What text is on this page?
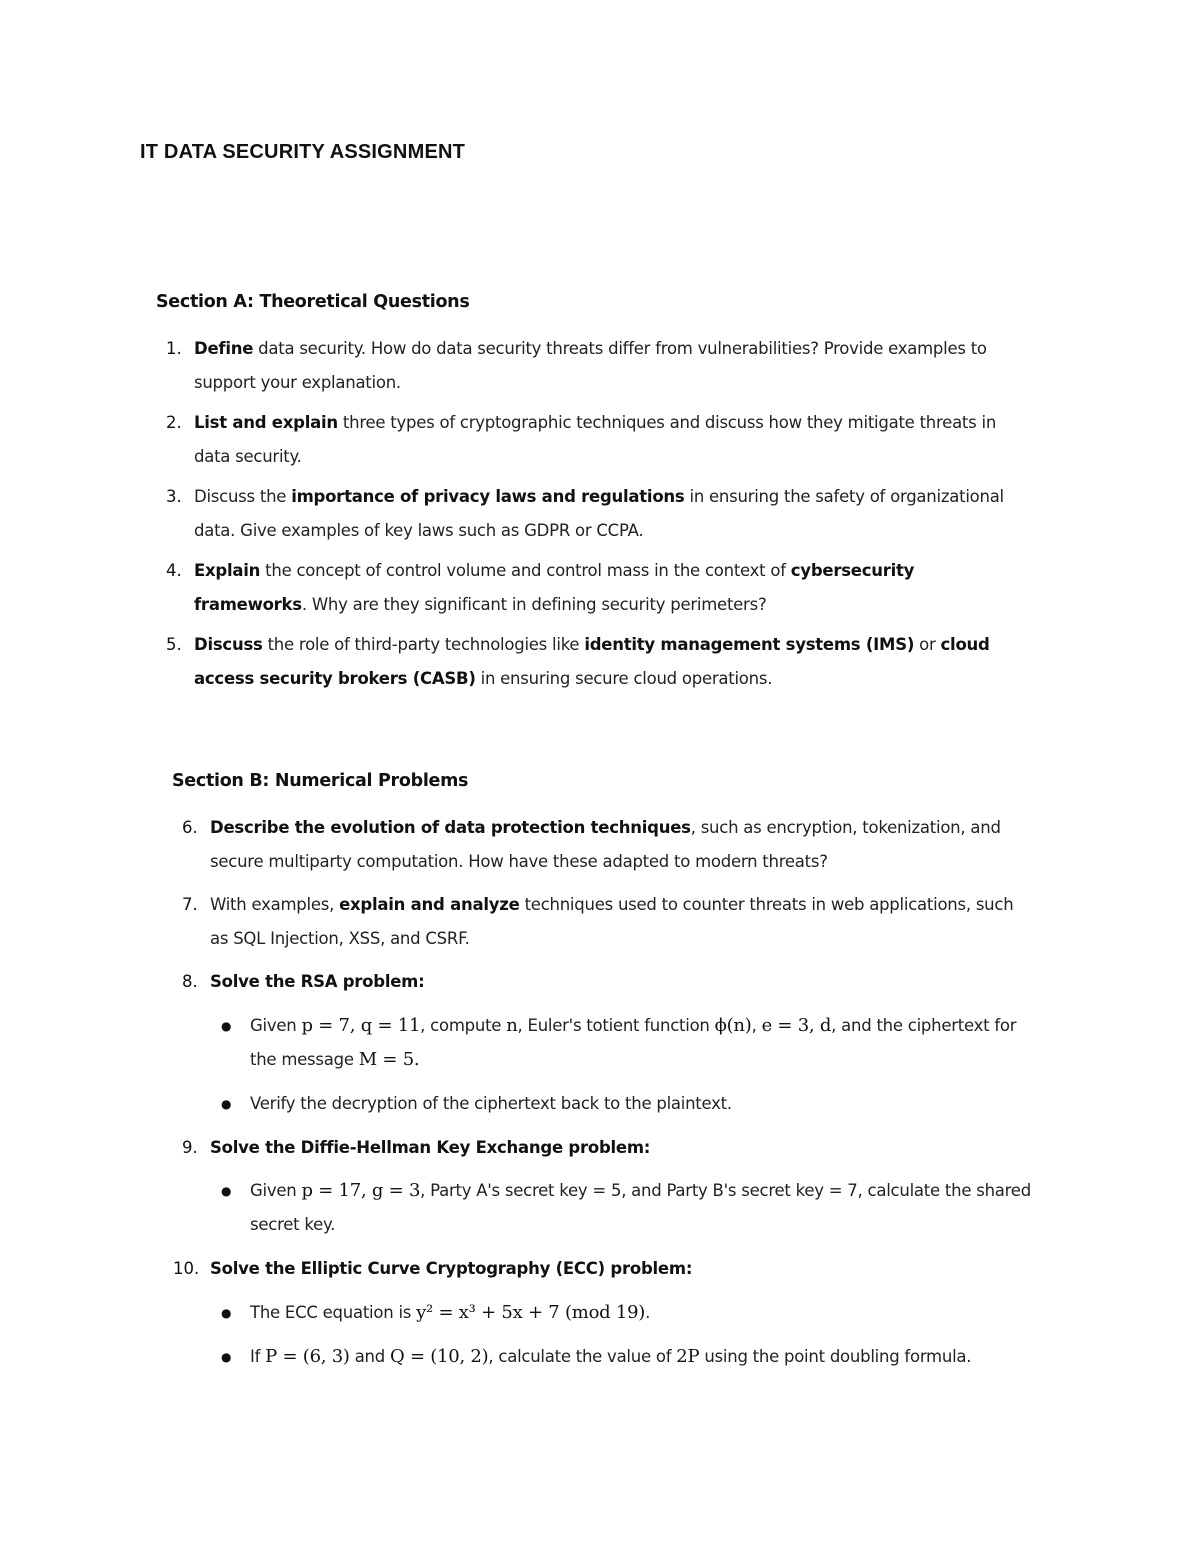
IT DATA SECURITY ASSIGNMENT
Section A: Theoretical Questions
1. Define data security. How do data security threats differ from vulnerabilities? Provide examples to support your explanation.
2. List and explain three types of cryptographic techniques and discuss how they mitigate threats in data security.
3. Discuss the importance of privacy laws and regulations in ensuring the safety of organizational data. Give examples of key laws such as GDPR or CCPA.
4. Explain the concept of control volume and control mass in the context of cybersecurity frameworks. Why are they significant in defining security perimeters?
5. Discuss the role of third-party technologies like identity management systems (IMS) or cloud access security brokers (CASB) in ensuring secure cloud operations.
Section B: Numerical Problems
6. Describe the evolution of data protection techniques, such as encryption, tokenization, and secure multiparty computation. How have these adapted to modern threats?
7. With examples, explain and analyze techniques used to counter threats in web applications, such as SQL Injection, XSS, and CSRF.
8. Solve the RSA problem:
●	Given p = 7, q = 11, compute n, Euler's totient function ϕ(n), e = 3, d, and the ciphertext for the message M = 5.
●	Verify the decryption of the ciphertext back to the plaintext.
9. Solve the Diffie-Hellman Key Exchange problem:
●	Given p = 17, g = 3, Party A's secret key = 5, and Party B's secret key = 7, calculate the shared secret key.
10. Solve the Elliptic Curve Cryptography (ECC) problem:
●	The ECC equation is y² = x³ + 5x + 7 (mod 19).
●	If P = (6, 3) and Q = (10, 2), calculate the value of 2P using the point doubling formula.
